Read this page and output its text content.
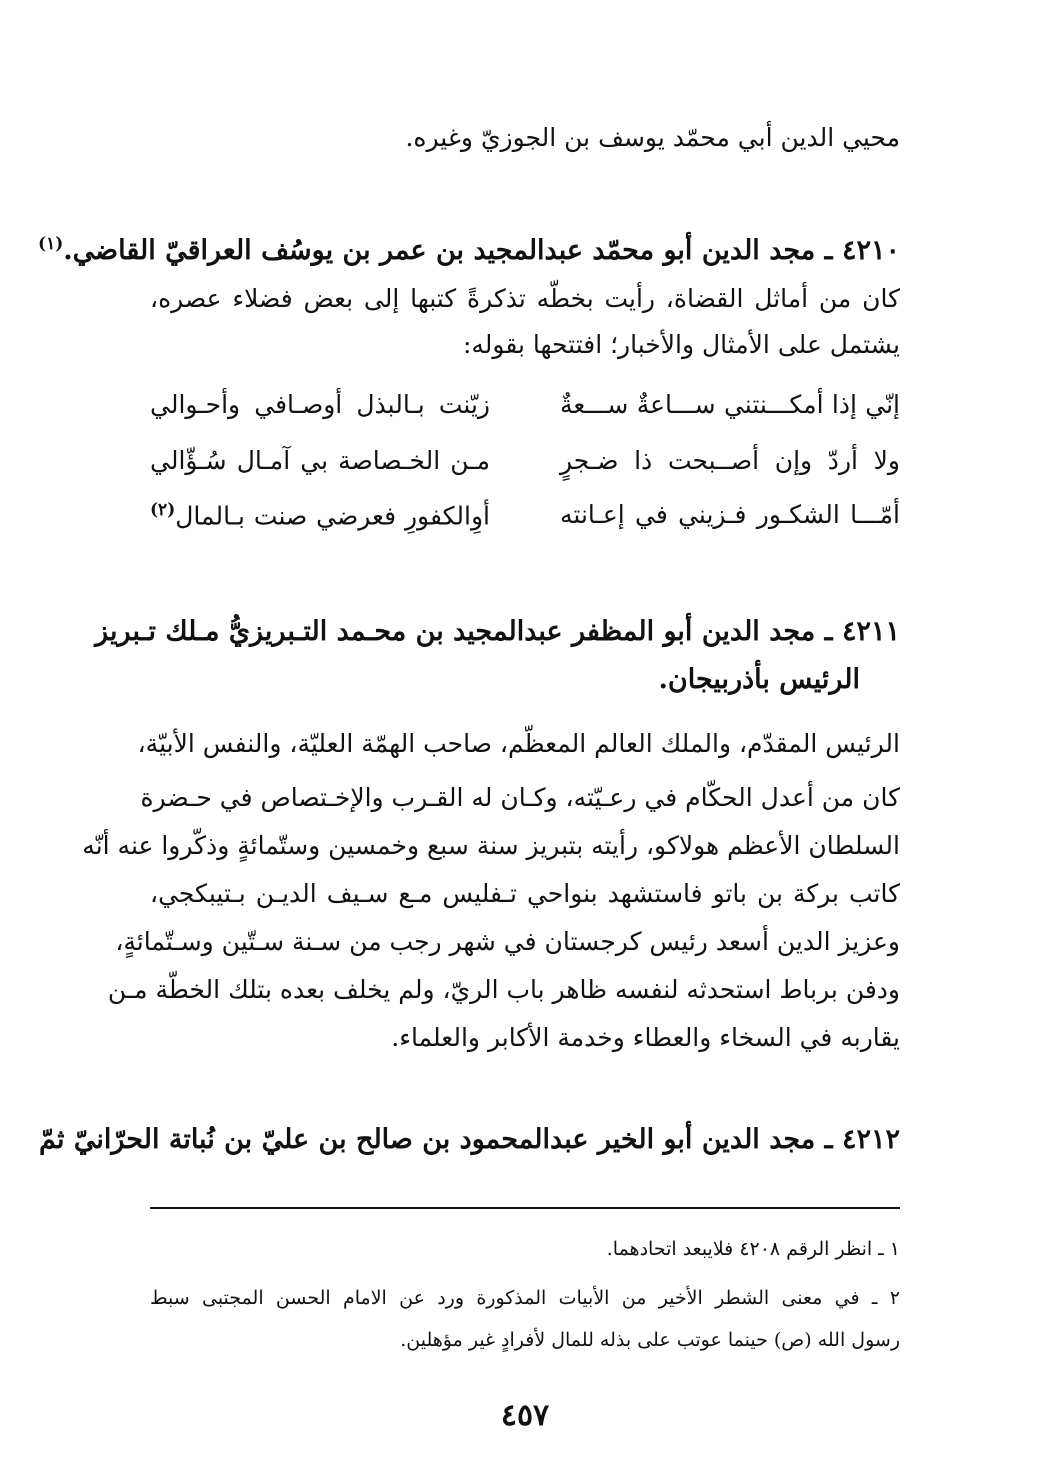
محيي الدين أبي محمّد يوسف بن الجوزيّ وغيره.
٤٢١٠ ـ مجد الدين أبو محمّد عبدالمجيد بن عمر بن يوسُف العراقيّ القاضي.$^{(١)}$
كان من أماثل القضاة، رأيت بخطّه تذكرةً كتبها إلى بعض فضلاء عصره،
يشتمل على الأمثال والأخبار؛ افتتحها بقوله:
إنّي إذا أمكـــنتني ســـاعةٌ ســـعةٌ
زيّنت بـالبذل أوصـافي وأحـوالي
ولا أردّ وإن أصــبحت ذا ضـجرٍ
مـن الخـصاصة بي آمـال سُـؤّالي
أمّـــا الشكـور فـزيني في إعـانته
أوِالكفورِ فعرضي صنت بـالمال$^{(٢)}$
٤٢١١ ـ مجد الدين أبو المظفر عبدالمجيد بن محـمد التـبريزيُّ مـلك تـبريز
الرئيس بأذربيجان.
الرئيس المقدّم، والملك العالم المعظّم، صاحب الهمّة العليّة، والنفس الأبيّة،
كان من أعدل الحكّام في رعـيّته، وكـان له القـرب والإخـتصاص في حـضرة
السلطان الأعظم هولاكو، رأيته بتبريز سنة سبع وخمسين وستّمائةٍ وذكّروا عنه أنّه
كاتب بركة بن باتو فاستشهد بنواحي تـفليس مـع سـيف الديـن بـتيبكجي،
وعزيز الدين أسعد رئيس كرجستان في شهر رجب من سـنة سـتّين وسـتّمائةٍ،
ودفن برباط استحدثه لنفسه ظاهر باب الريّ، ولم يخلف بعده بتلك الخطّة مـن
يقاربه في السخاء والعطاء وخدمة الأكابر والعلماء.
٤٢١٢ ـ مجد الدين أبو الخير عبدالمحمود بن صالح بن عليّ بن نُباتة الحرّانيّ ثمّ
١ ـ انظر الرقم ٤٢٠٨ فلايبعد اتحادهما.
٢ ـ في معنى الشطر الأخير من الأبيات المذكورة ورد عن الامام الحسن المجتبى سبط
رسول الله (ص) حينما عوتب على بذله للمال لأفرادٍ غير مؤهلين.
٤٥٧
